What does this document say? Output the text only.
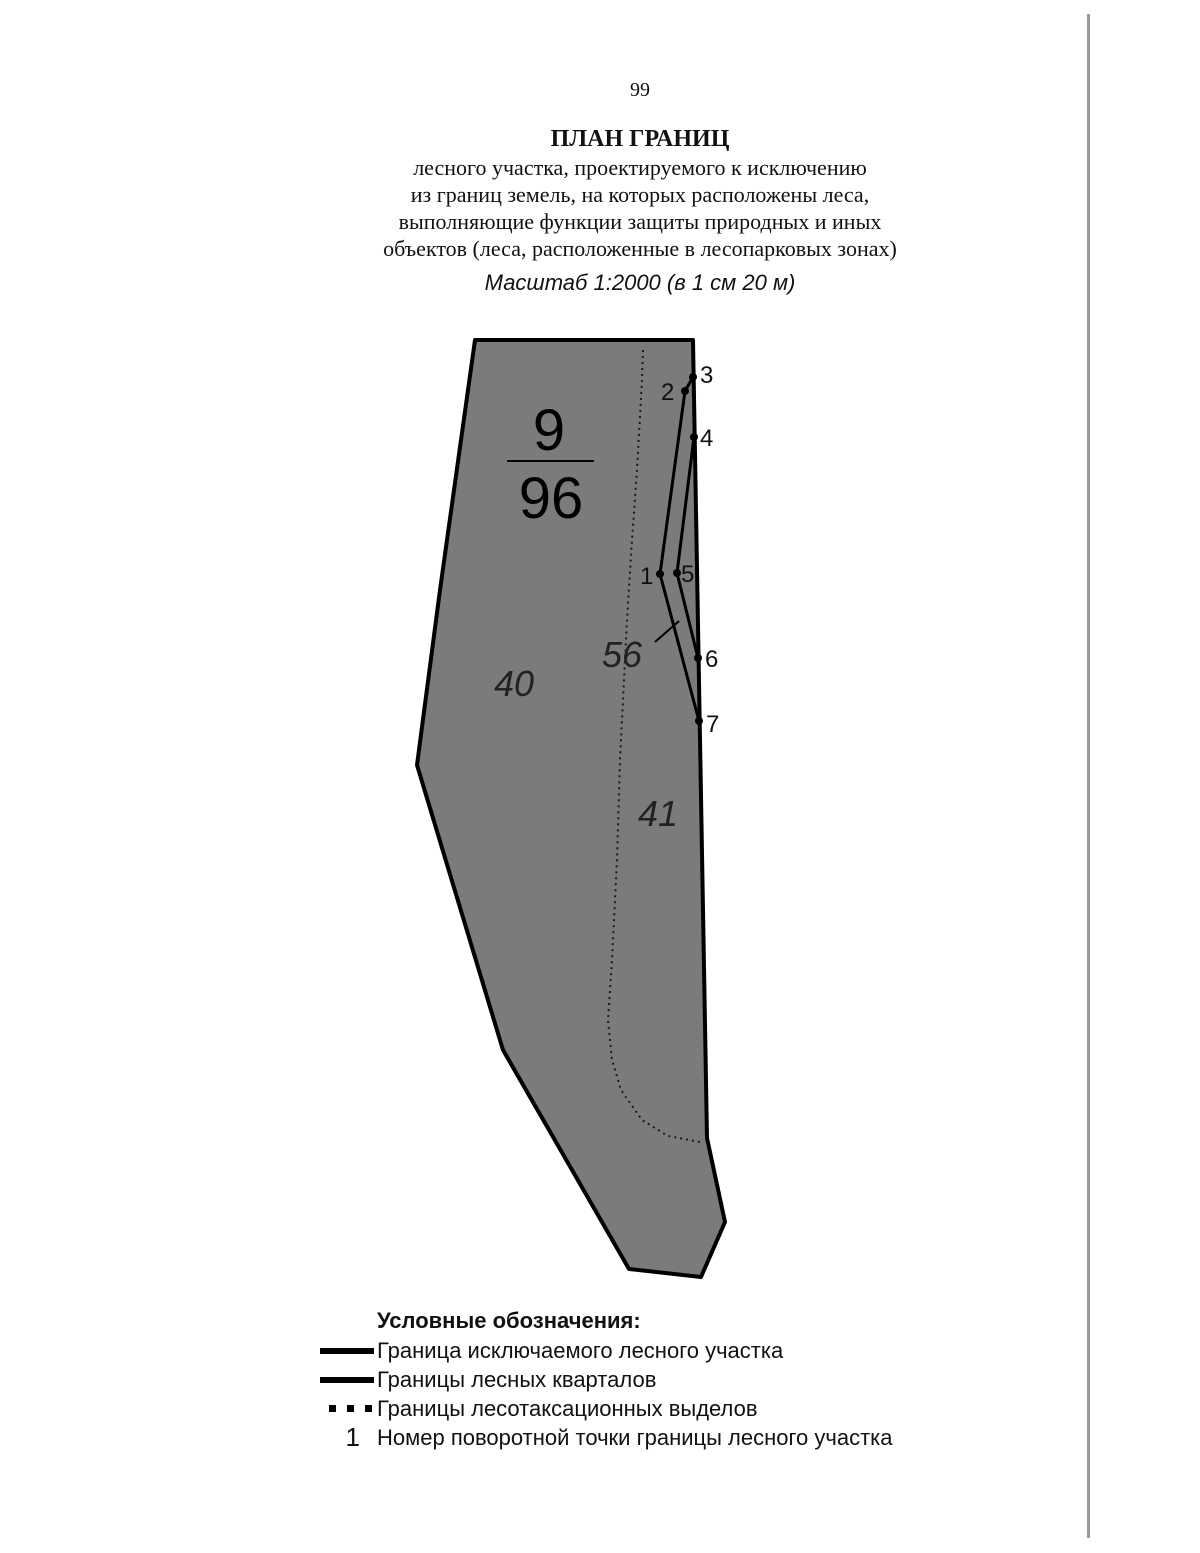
99
ПЛАН ГРАНИЦ
лесного участка, проектируемого к исключению
из границ земель, на которых расположены леса,
выполняющие функции защиты природных и иных
объектов (леса, расположенные в лесопарковых зонах)
Масштаб 1:2000 (в 1 см 20 м)
1
2
3
4
5
6
7
9
96
40
41
56
Условные обозначения:
Граница исключаемого лесного участка
Границы лесных кварталов
Границы лесотаксационных выделов
1 Номер поворотной точки границы лесного участка
